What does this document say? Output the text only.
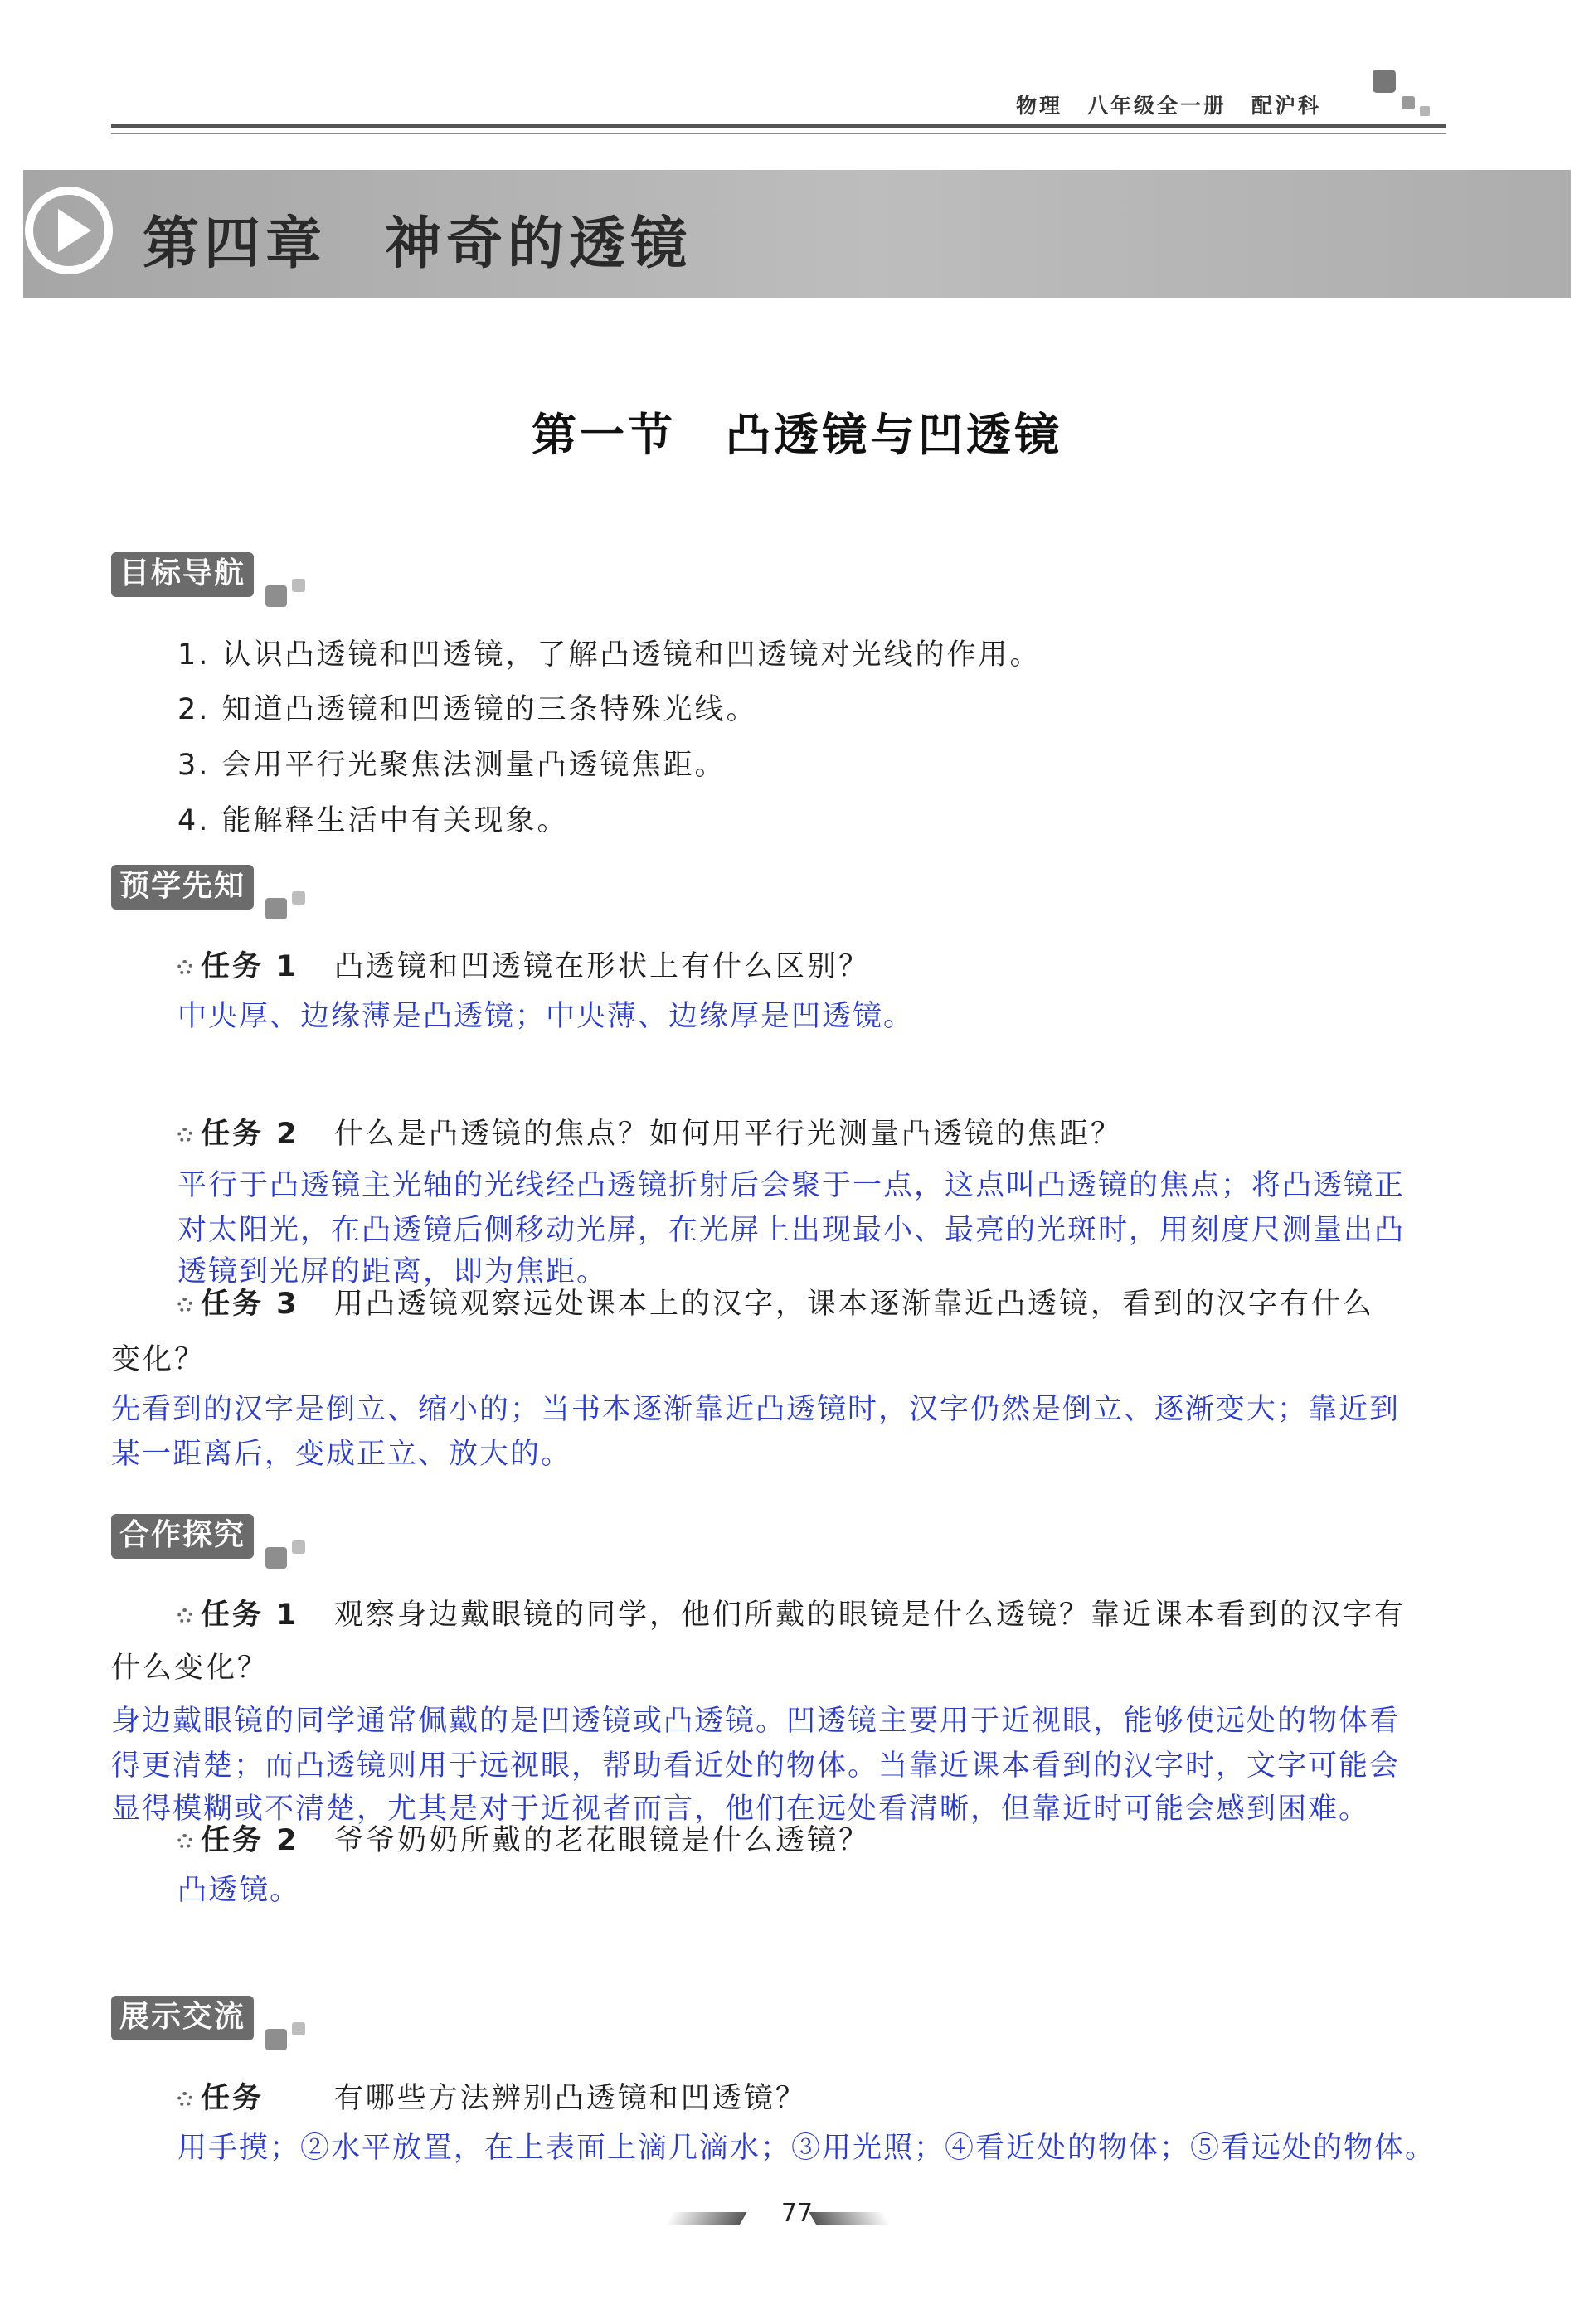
物理 八年级全一册 配沪科
第四章 神奇的透镜
第一节 凸透镜与凹透镜
目标导航
1. 认识凸透镜和凹透镜，了解凸透镜和凹透镜对光线的作用。
2. 知道凸透镜和凹透镜的三条特殊光线。
3. 会用平行光聚焦法测量凸透镜焦距。
4. 能解释生活中有关现象。
预学先知
任务 1 凸透镜和凹透镜在形状上有什么区别？
中央厚、边缘薄是凸透镜；中央薄、边缘厚是凹透镜。
任务 2 什么是凸透镜的焦点？如何用平行光测量凸透镜的焦距？
平行于凸透镜主光轴的光线经凸透镜折射后会聚于一点，这点叫凸透镜的焦点；将凸透镜正
对太阳光，在凸透镜后侧移动光屏，在光屏上出现最小、最亮的光斑时，用刻度尺测量出凸
透镜到光屏的距离，即为焦距。
任务 3 用凸透镜观察远处课本上的汉字，课本逐渐靠近凸透镜，看到的汉字有什么
变化？
先看到的汉字是倒立、缩小的；当书本逐渐靠近凸透镜时，汉字仍然是倒立、逐渐变大；靠近到
某一距离后，变成正立、放大的。
合作探究
任务 1 观察身边戴眼镜的同学，他们所戴的眼镜是什么透镜？靠近课本看到的汉字有
什么变化？
身边戴眼镜的同学通常佩戴的是凹透镜或凸透镜。凹透镜主要用于近视眼，能够使远处的物体看
得更清楚；而凸透镜则用于远视眼，帮助看近处的物体。当靠近课本看到的汉字时，文字可能会
显得模糊或不清楚，尤其是对于近视者而言，他们在远处看清晰，但靠近时可能会感到困难。
任务 2 爷爷奶奶所戴的老花眼镜是什么透镜？
凸透镜。
展示交流
任务 有哪些方法辨别凸透镜和凹透镜？
用手摸；②水平放置，在上表面上滴几滴水；③用光照；④看近处的物体；⑤看远处的物体。
77
